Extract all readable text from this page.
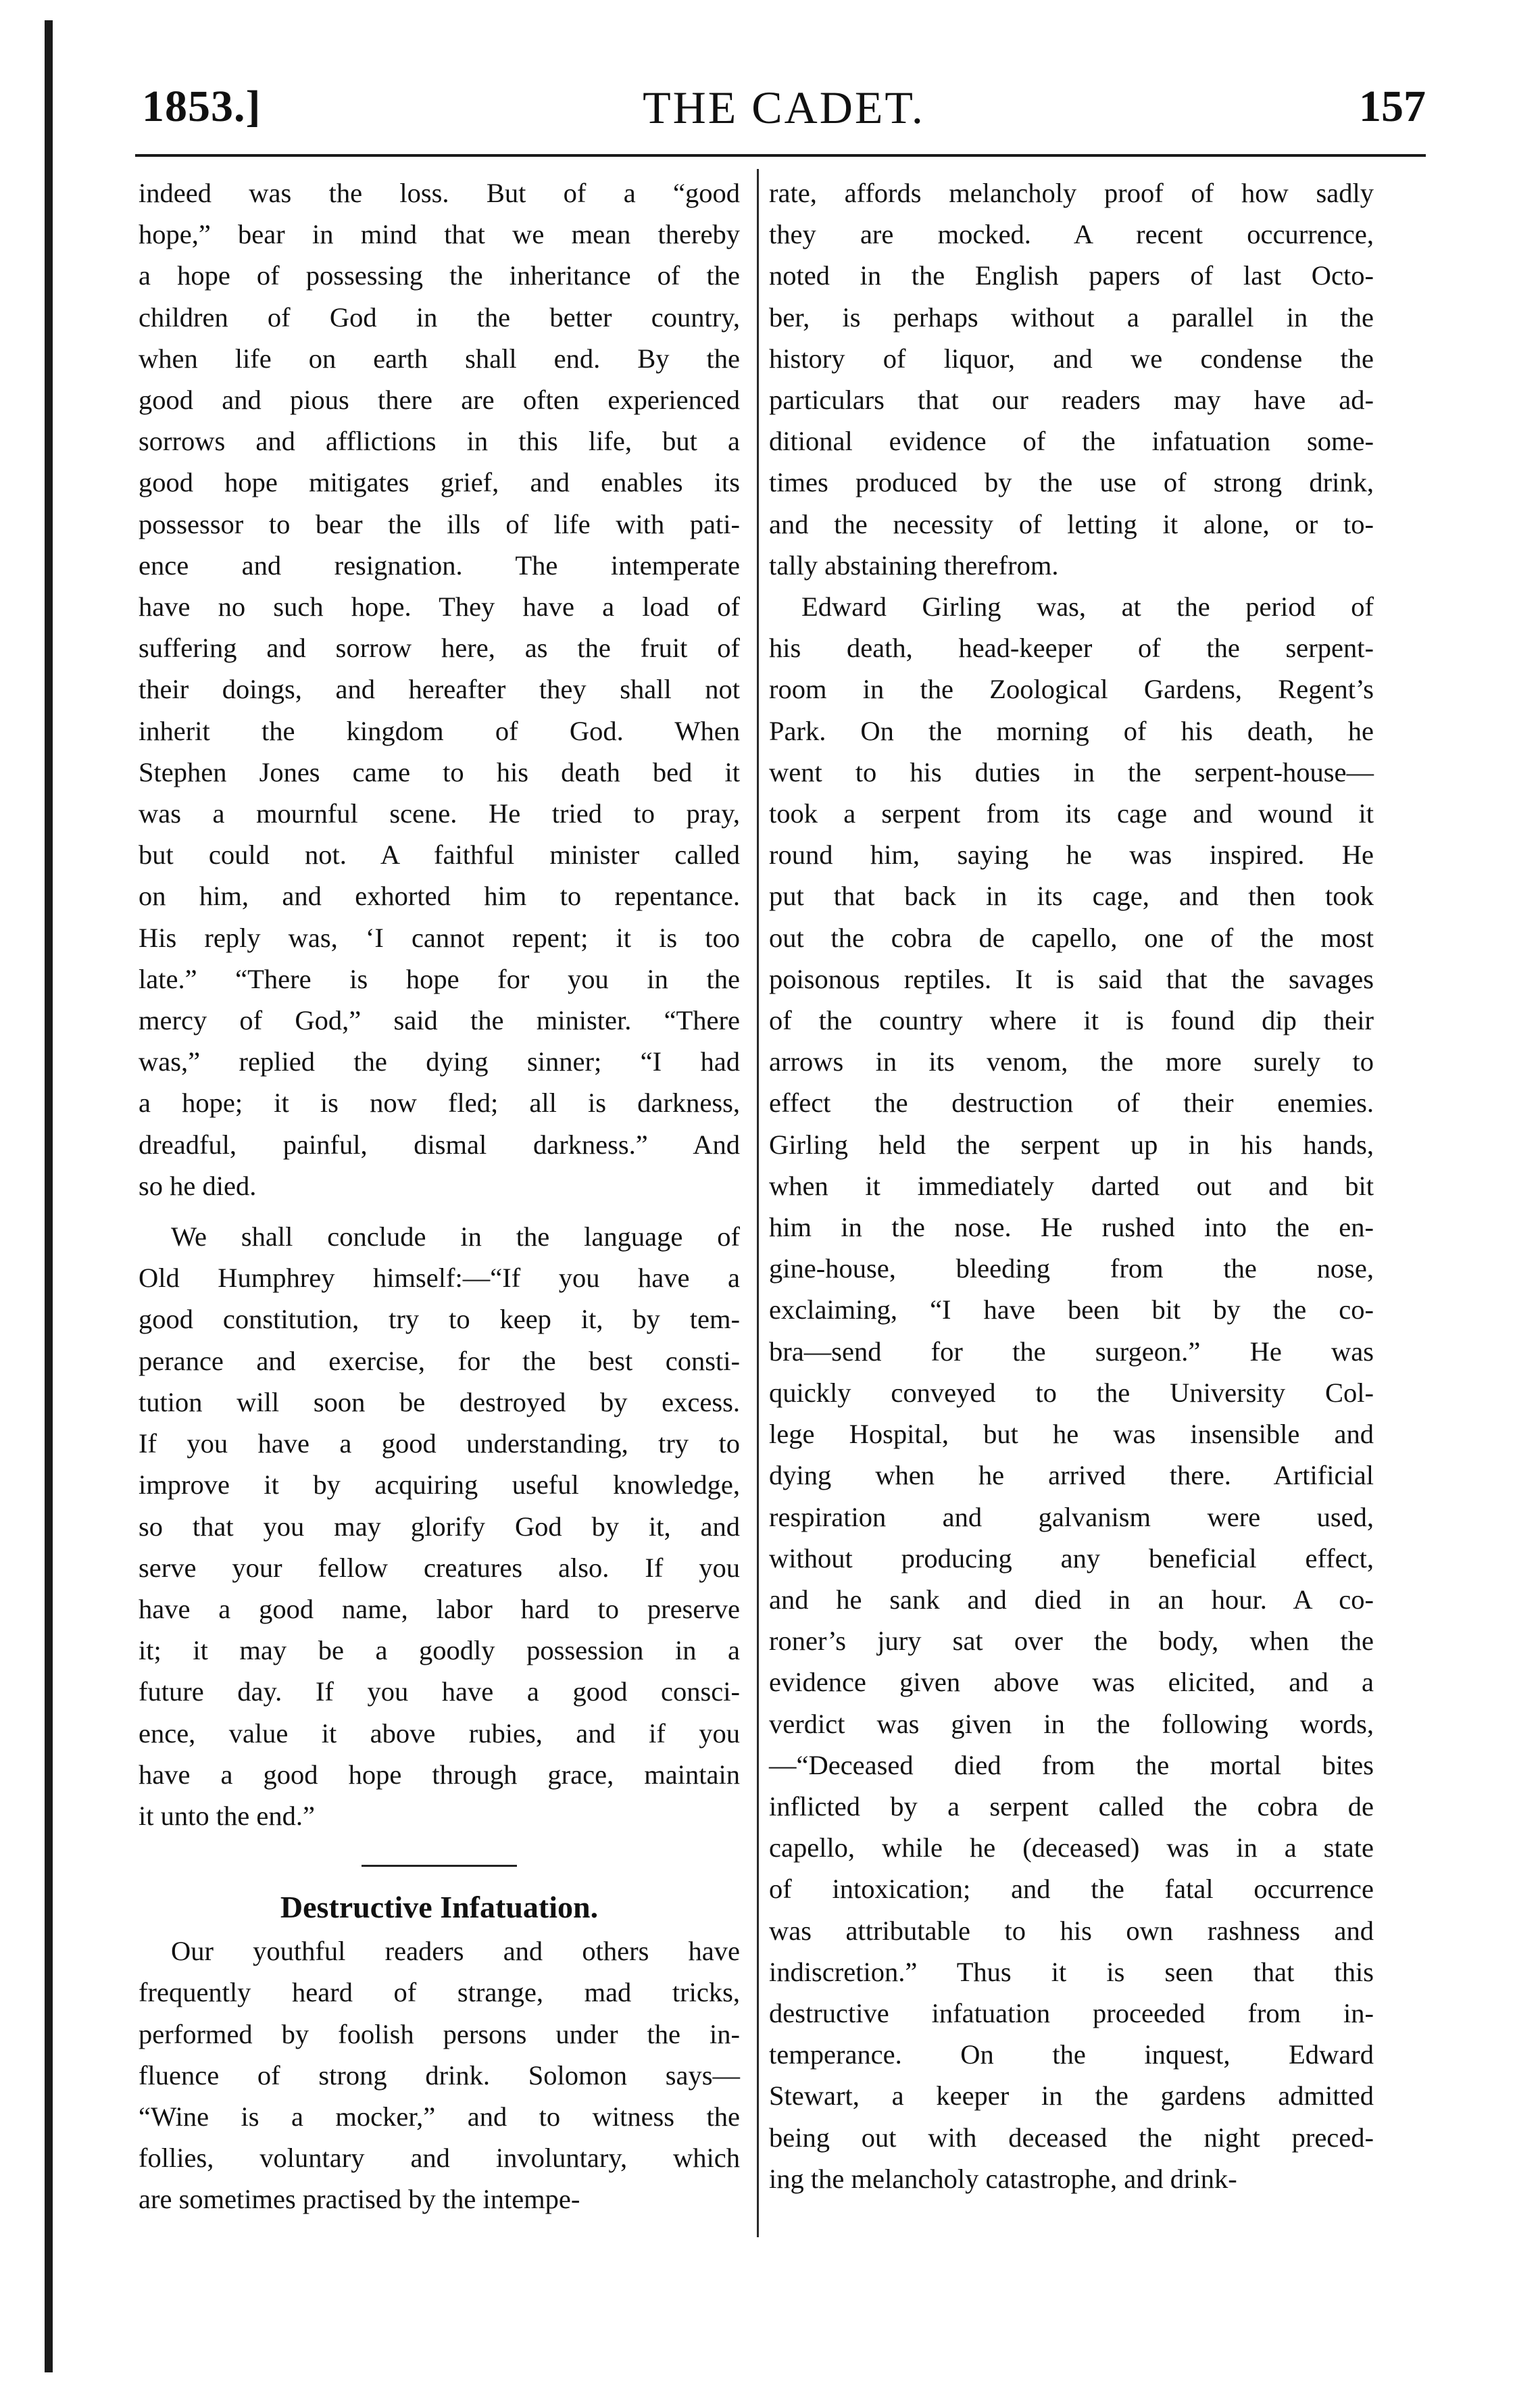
1853.]	THE CADET.	157

indeed was the loss. But of a “good
hope,” bear in mind that we mean thereby
a hope of possessing the inheritance of the
children of God in the better country,
when life on earth shall end. By the
good and pious there are often experienced
sorrows and afflictions in this life, but a
good hope mitigates grief, and enables its
possessor to bear the ills of life with pati-
ence and resignation. The intemperate
have no such hope. They have a load of
suffering and sorrow here, as the fruit of
their doings, and hereafter they shall not
inherit the kingdom of God. When
Stephen Jones came to his death bed it
was a mournful scene. He tried to pray,
but could not. A faithful minister called
on him, and exhorted him to repentance.
His reply was, ‘I cannot repent; it is too
late.” “There is hope for you in the
mercy of God,” said the minister. “There
was,” replied the dying sinner; “I had
a hope; it is now fled; all is darkness,
dreadful, painful, dismal darkness.” And
so he died.

We shall conclude in the language of
Old Humphrey himself:—“If you have a
good constitution, try to keep it, by tem-
perance and exercise, for the best consti-
tution will soon be destroyed by excess.
If you have a good understanding, try to
improve it by acquiring useful knowledge,
so that you may glorify God by it, and
serve your fellow creatures also. If you
have a good name, labor hard to preserve
it; it may be a goodly possession in a
future day. If you have a good consci-
ence, value it above rubies, and if you
have a good hope through grace, maintain
it unto the end.”

Destructive Infatuation.

Our youthful readers and others have
frequently heard of strange, mad tricks,
performed by foolish persons under the in-
fluence of strong drink. Solomon says—
“Wine is a mocker,” and to witness the
follies, voluntary and involuntary, which
are sometimes practised by the intempe-

rate, affords melancholy proof of how sadly
they are mocked. A recent occurrence,
noted in the English papers of last Octo-
ber, is perhaps without a parallel in the
history of liquor, and we condense the
particulars that our readers may have ad-
ditional evidence of the infatuation some-
times produced by the use of strong drink,
and the necessity of letting it alone, or to-
tally abstaining therefrom.

Edward Girling was, at the period of
his death, head-keeper of the serpent-
room in the Zoological Gardens, Regent’s
Park. On the morning of his death, he
went to his duties in the serpent-house—
took a serpent from its cage and wound it
round him, saying he was inspired. He
put that back in its cage, and then took
out the cobra de capello, one of the most
poisonous reptiles. It is said that the savages
of the country where it is found dip their
arrows in its venom, the more surely to
effect the destruction of their enemies.
Girling held the serpent up in his hands,
when it immediately darted out and bit
him in the nose. He rushed into the en-
gine-house, bleeding from the nose,
exclaiming, “I have been bit by the co-
bra—send for the surgeon.” He was
quickly conveyed to the University Col-
lege Hospital, but he was insensible and
dying when he arrived there. Artificial
respiration and galvanism were used,
without producing any beneficial effect,
and he sank and died in an hour. A co-
roner’s jury sat over the body, when the
evidence given above was elicited, and a
verdict was given in the following words,
—“Deceased died from the mortal bites
inflicted by a serpent called the cobra de
capello, while he (deceased) was in a state
of intoxication; and the fatal occurrence
was attributable to his own rashness and
indiscretion.” Thus it is seen that this
destructive infatuation proceeded from in-
temperance. On the inquest, Edward
Stewart, a keeper in the gardens admitted
being out with deceased the night preced-
ing the melancholy catastrophe, and drink-
